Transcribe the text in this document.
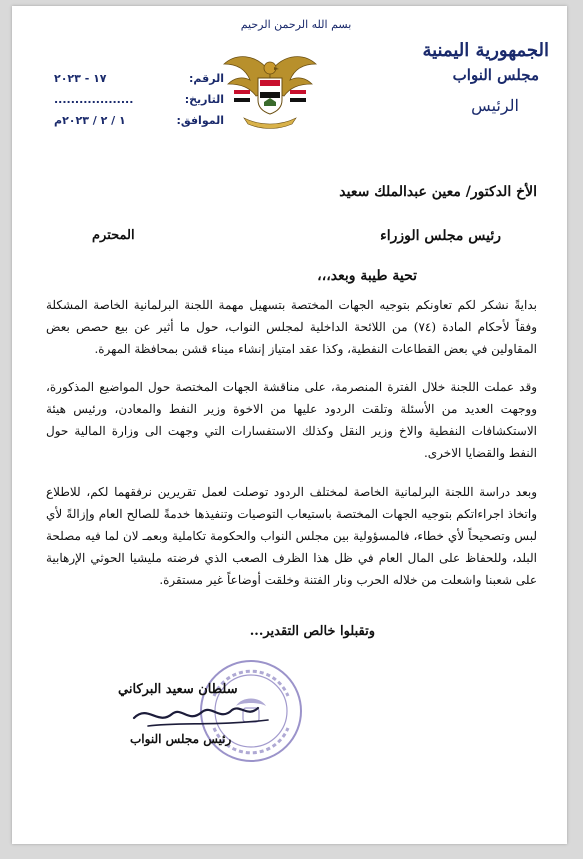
بسم الله الرحمن الرحيم
الجمهورية اليمنية
مجلس النواب
الرئيس
الرقم:
١٧ - ٢٠٢٣
التاريخ:
...................
الموافق:
١ / ٢ / ٢٠٢٣م
الأخ الدكتور/ معين عبدالملك سعيد
رئيس مجلس الوزراء
المحترم
تحية طيبة وبعد،،،
بدايةً نشكر لكم تعاونكم بتوجيه الجهات المختصة بتسهيل مهمة اللجنة البرلمانية الخاصة المشكلة وفقاً لأحكام المادة (٧٤) من اللائحة الداخلية لمجلس النواب، حول ما أثير عن بيع حصص بعض المقاولين في بعض القطاعات النفطية، وكذا عقد امتياز إنشاء ميناء قشن بمحافظة المهرة.
وقد عملت اللجنة خلال الفترة المنصرمة، على مناقشة الجهات المختصة حول المواضيع المذكورة، ووجهت العديد من الأسئلة وتلقت الردود عليها من الاخوة وزير النفط والمعادن، ورئيس هيئة الاستكشافات النفطية والاخ وزير النقل وكذلك الاستفسارات التي وجهت الى وزارة المالية حول النفط والقضايا الاخرى.
وبعد دراسة اللجنة البرلمانية الخاصة لمختلف الردود توصلت لعمل تقريرين نرفقهما لكم، للاطلاع واتخاذ اجراءاتكم بتوجيه الجهات المختصة باستيعاب التوصيات وتنفيذها خدمةً للصالح العام وإزالةً لأي لبس وتصحيحاً لأي خطاء، فالمسؤولية بين مجلس النواب والحكومة تكاملية وبعمـ لان لما فيه مصلحة البلد، وللحفاظ على المال العام في ظل هذا الظرف الصعب الذي فرضته مليشيا الحوثي الإرهابية على شعبنا واشعلت من خلاله الحرب ونار الفتنة وخلقت أوضاعاً غير مستقرة.
وتقبلوا خالص التقدير...
سلطان سعيد البركاني
رئيس مجلس النواب
